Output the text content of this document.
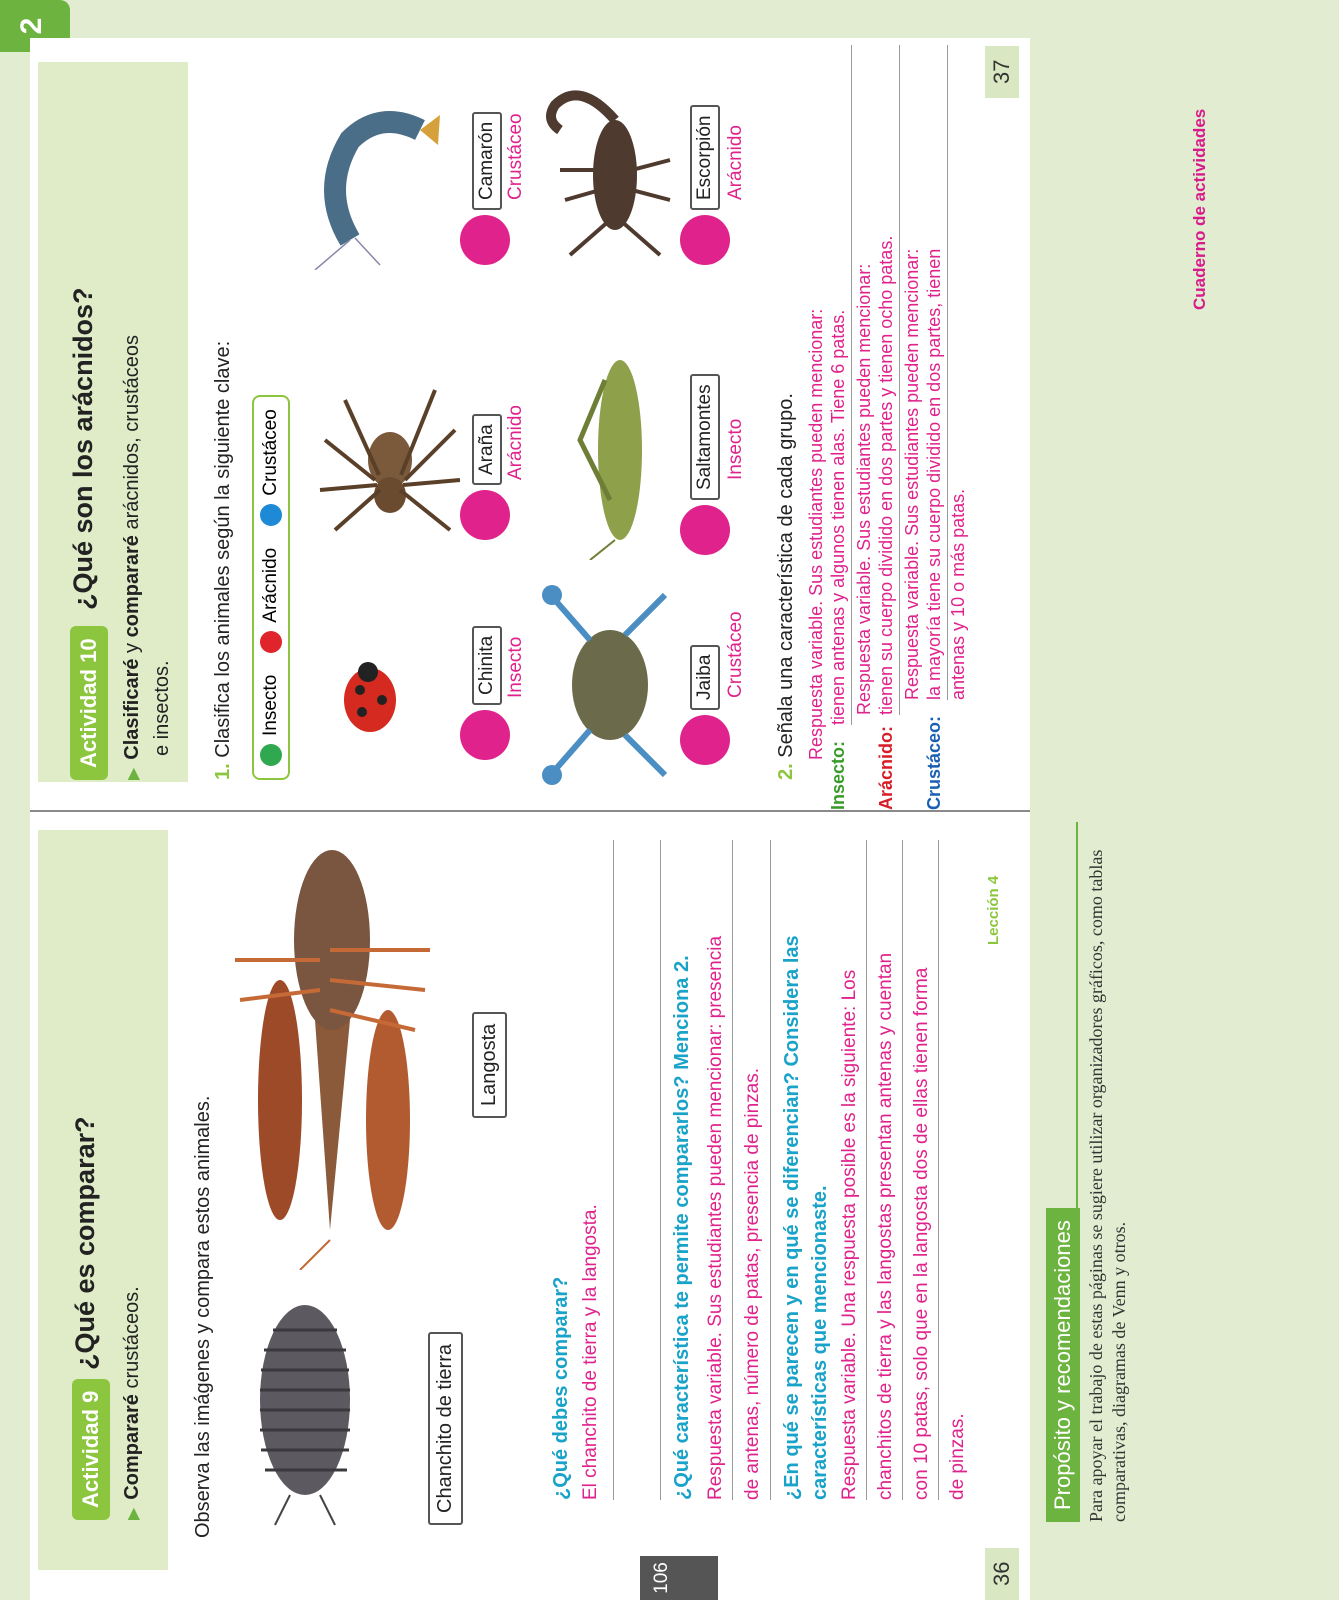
2
Actividad 9
¿Qué es comparar?
▶Compararé crustáceos. Observa las imágenes y compara estos animales.	Chanchito de tierra
Langosta
¿Qué debes comparar? El chanchito de tierra y la langosta.	¿Qué característica te permite compararlos? Menciona 2. Respuesta variable. Sus estudiantes pueden mencionar: presencia de antenas, número de patas, presencia de pinzas. ¿En qué se parecen y en qué se diferencian? Considera las características que mencionaste. Respuesta variable. Una respuesta posible es la siguiente: Los chanchitos de tierra y las langostas presentan antenas y cuentan con 10 patas, solo que en la langosta dos de ellas tienen forma de pinzas.
36
Lección 4
106
Actividad 10
¿Qué son los arácnidos?
▶Clasificaré y compararé arácnidos, crustáceos
e insectos.
1. Clasifica los animales según la siguiente clave: Insecto
Arácnido
Crustáceo
Chinita Insecto
Araña Arácnido
Camarón Crustáceo
Jaiba Crustáceo
Saltamontes Insecto
Escorpión Arácnido
2. Señala una característica de cada grupo. Respuesta variable. Sus estudiantes pueden mencionar:
Insecto:
tienen antenas y algunos tienen alas. Tiene 6 patas. Respuesta variable. Sus estudiantes pueden mencionar:
Arácnido:
tienen su cuerpo dividido en dos partes y tienen ocho patas. Respuesta variable. Sus estudiantes pueden mencionar:
Crustáceo:
la mayoría tiene su cuerpo dividido en dos partes, tienen antenas y 10 o más patas.
37
Propósito y recomendaciones Para apoyar el trabajo de estas páginas se sugiere utilizar organizadores gráficos, como tablas comparativas, diagramas de Venn y otros.
Cuaderno de actividades
